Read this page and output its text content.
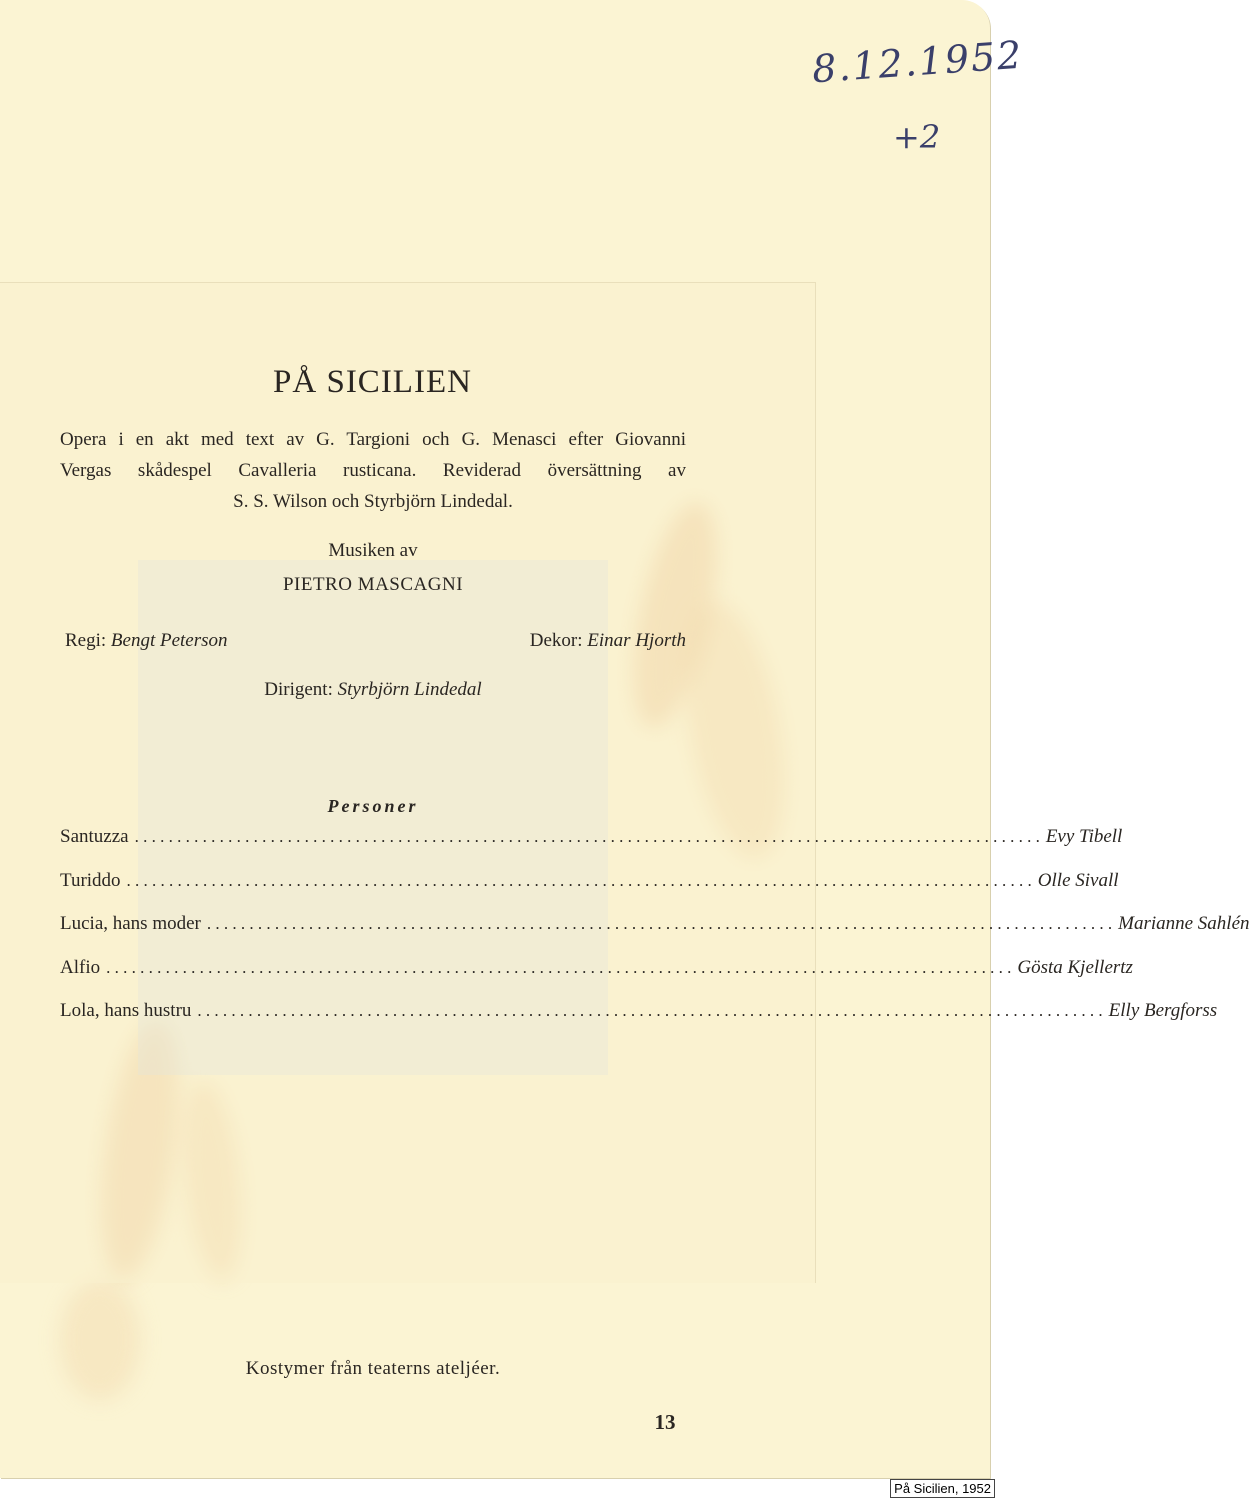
8.12.1952
+2
PÅ SICILIEN
Opera i en akt med text av G. Targioni och G. Menasci efter Giovanni
Vergas skådespel Cavalleria rusticana. Reviderad översättning av
S. S. Wilson och Styrbjörn Lindedal.
Musiken av
PIETRO MASCAGNI
Regi: Bengt Peterson	Dekor: Einar Hjorth
Dirigent: Styrbjörn Lindedal
Personer
Santuzza . . .	Evy Tibell
Turiddo . . .	Olle Sivall
Lucia, hans moder . . .	Marianne Sahlén
Alfio . . .	Gösta Kjellertz
Lola, hans hustru . . .	Elly Bergforss
Kostymer från teaterns ateljéer.
13
På Sicilien, 1952
